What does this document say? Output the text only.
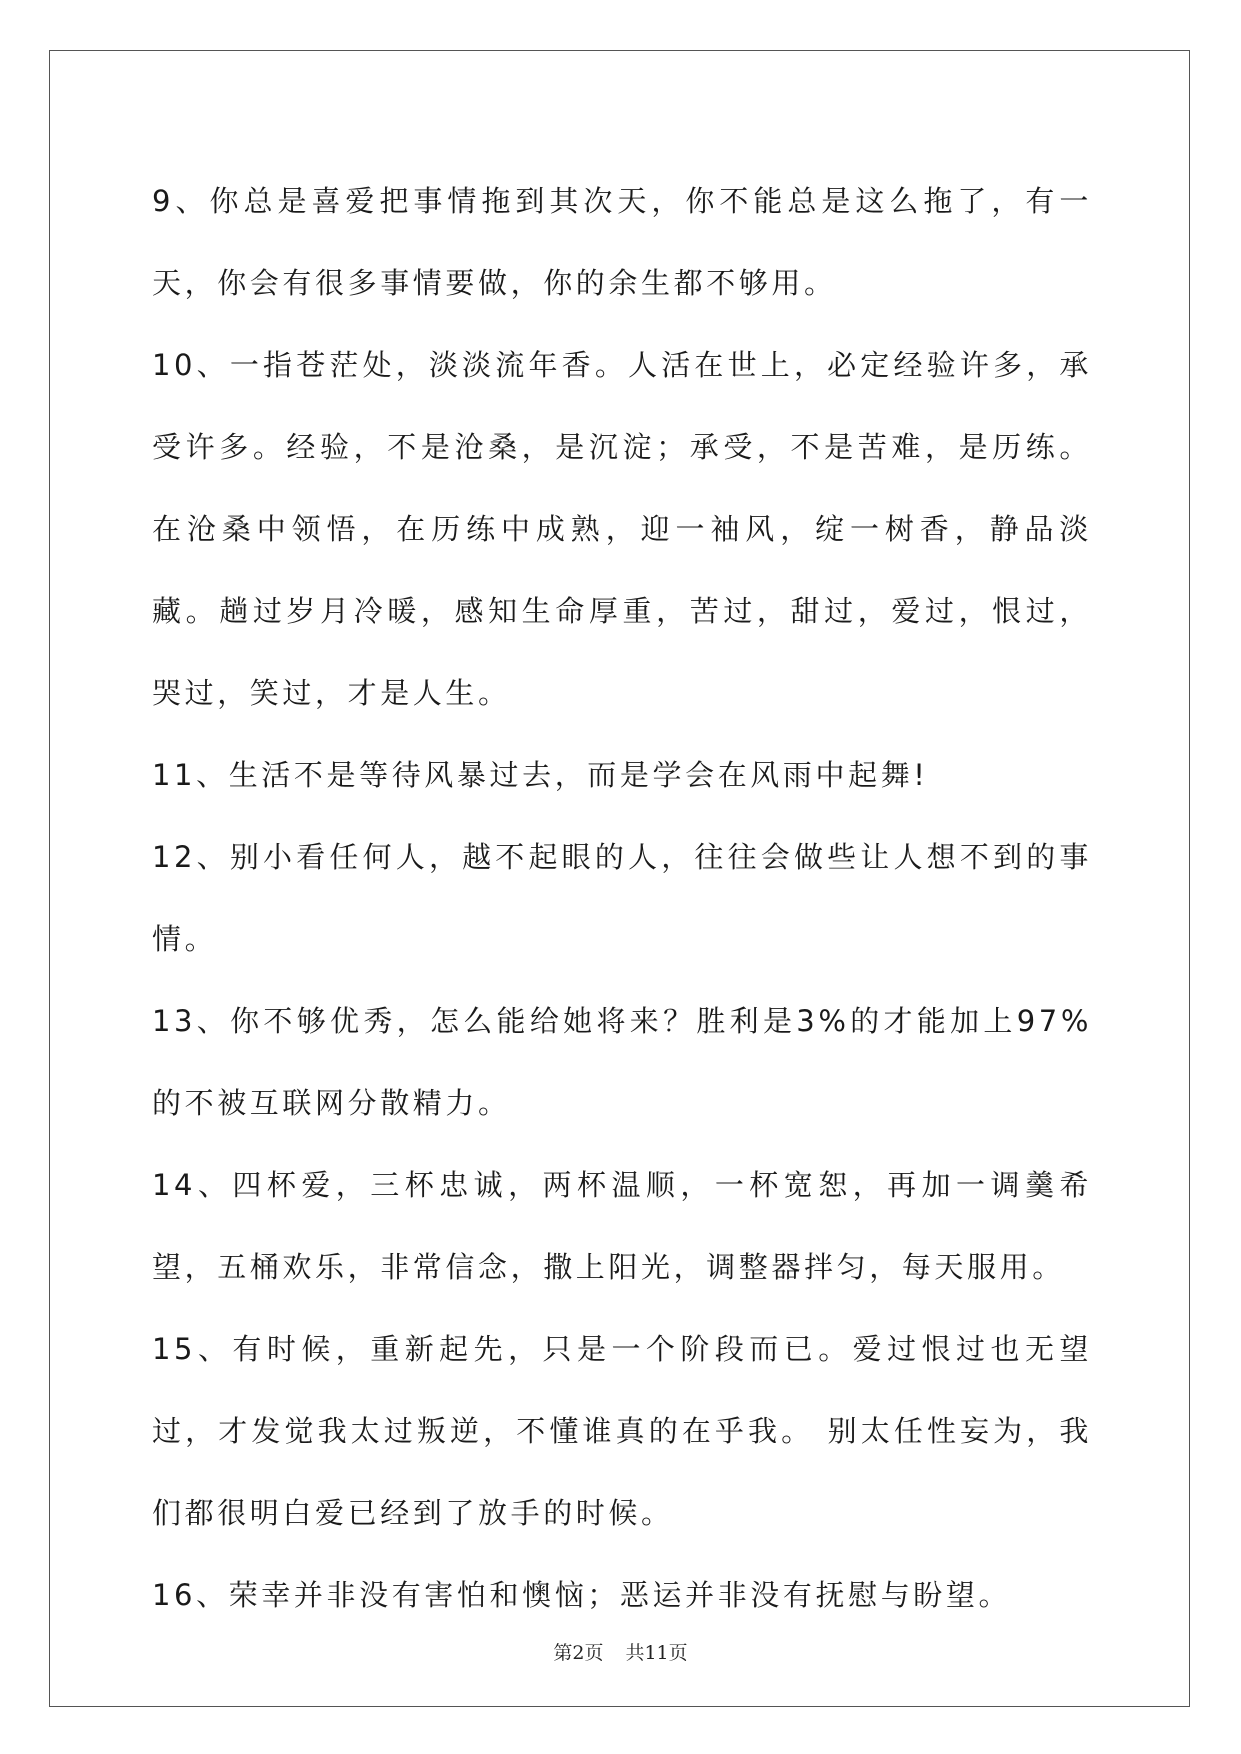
9、你总是喜爱把事情拖到其次天，你不能总是这么拖了，有一天，你会有很多事情要做，你的余生都不够用。

10、一指苍茫处，淡淡流年香。人活在世上，必定经验许多，承受许多。经验，不是沧桑，是沉淀；承受，不是苦难，是历练。在沧桑中领悟，在历练中成熟，迎一袖风，绽一树香，静品淡藏。趟过岁月冷暖，感知生命厚重，苦过，甜过，爱过，恨过，哭过，笑过，才是人生。

11、生活不是等待风暴过去，而是学会在风雨中起舞!

12、别小看任何人，越不起眼的人，往往会做些让人想不到的事情。

13、你不够优秀，怎么能给她将来？胜利是3%的才能加上97%的不被互联网分散精力。

14、四杯爱，三杯忠诚，两杯温顺，一杯宽恕，再加一调羹希望，五桶欢乐，非常信念，撒上阳光，调整器拌匀，每天服用。

15、有时候，重新起先，只是一个阶段而已。爱过恨过也无望过，才发觉我太过叛逆，不懂谁真的在乎我。 别太任性妄为，我们都很明白爱已经到了放手的时候。

16、荣幸并非没有害怕和懊恼；恶运并非没有抚慰与盼望。

第2页 共11页
